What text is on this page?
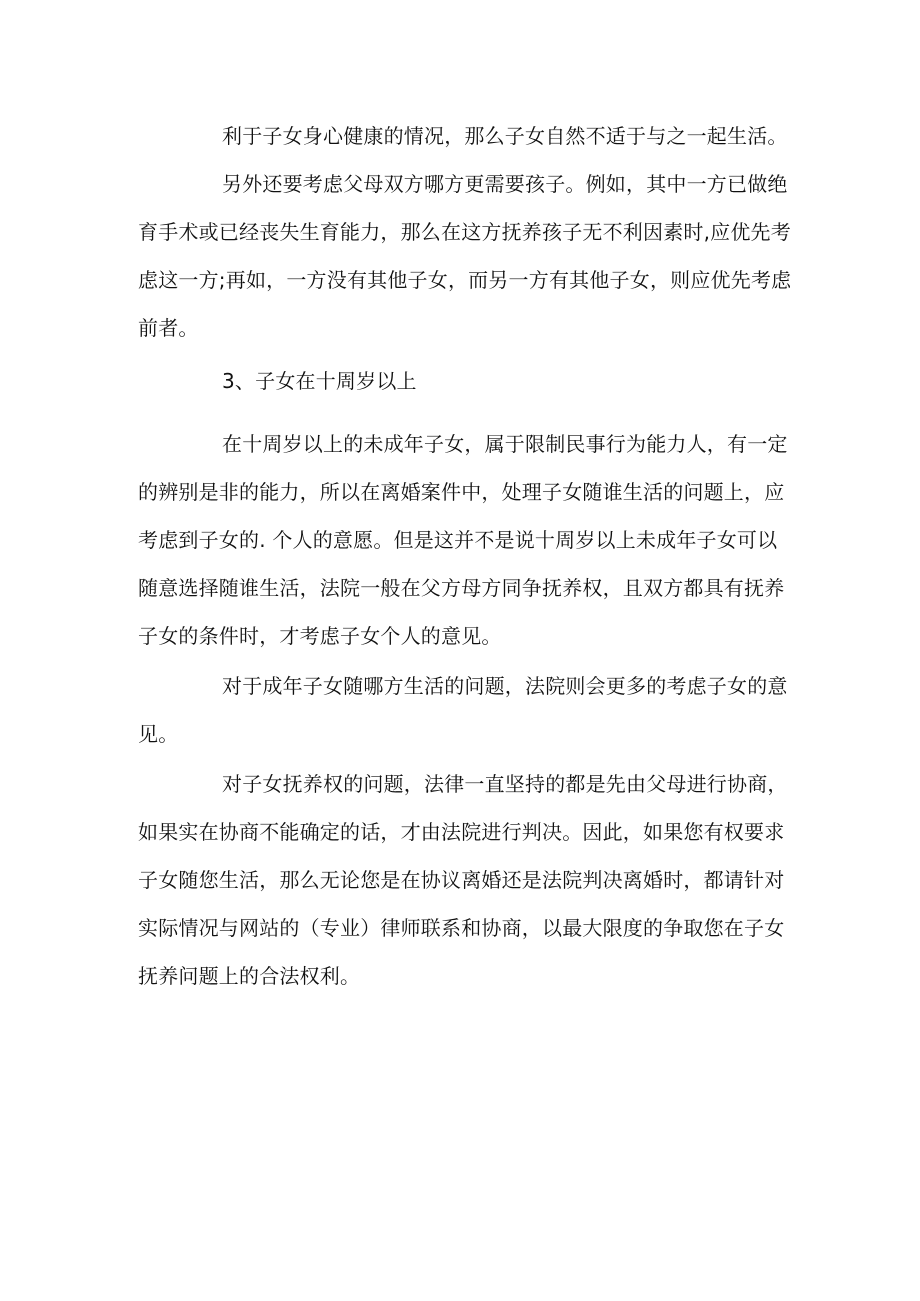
利于子女身心健康的情况，那么子女自然不适于与之一起生活。

另外还要考虑父母双方哪方更需要孩子。例如，其中一方已做绝育手术或已经丧失生育能力，那么在这方抚养孩子无不利因素时,应优先考虑这一方;再如，一方没有其他子女，而另一方有其他子女，则应优先考虑前者。

3、子女在十周岁以上

在十周岁以上的未成年子女，属于限制民事行为能力人，有一定的辨别是非的能力，所以在离婚案件中，处理子女随谁生活的问题上，应考虑到子女的. 个人的意愿。但是这并不是说十周岁以上未成年子女可以随意选择随谁生活，法院一般在父方母方同争抚养权，且双方都具有抚养子女的条件时，才考虑子女个人的意见。

对于成年子女随哪方生活的问题，法院则会更多的考虑子女的意见。

对子女抚养权的问题，法律一直坚持的都是先由父母进行协商，如果实在协商不能确定的话，才由法院进行判决。因此，如果您有权要求子女随您生活，那么无论您是在协议离婚还是法院判决离婚时，都请针对实际情况与网站的（专业）律师联系和协商，以最大限度的争取您在子女抚养问题上的合法权利。
